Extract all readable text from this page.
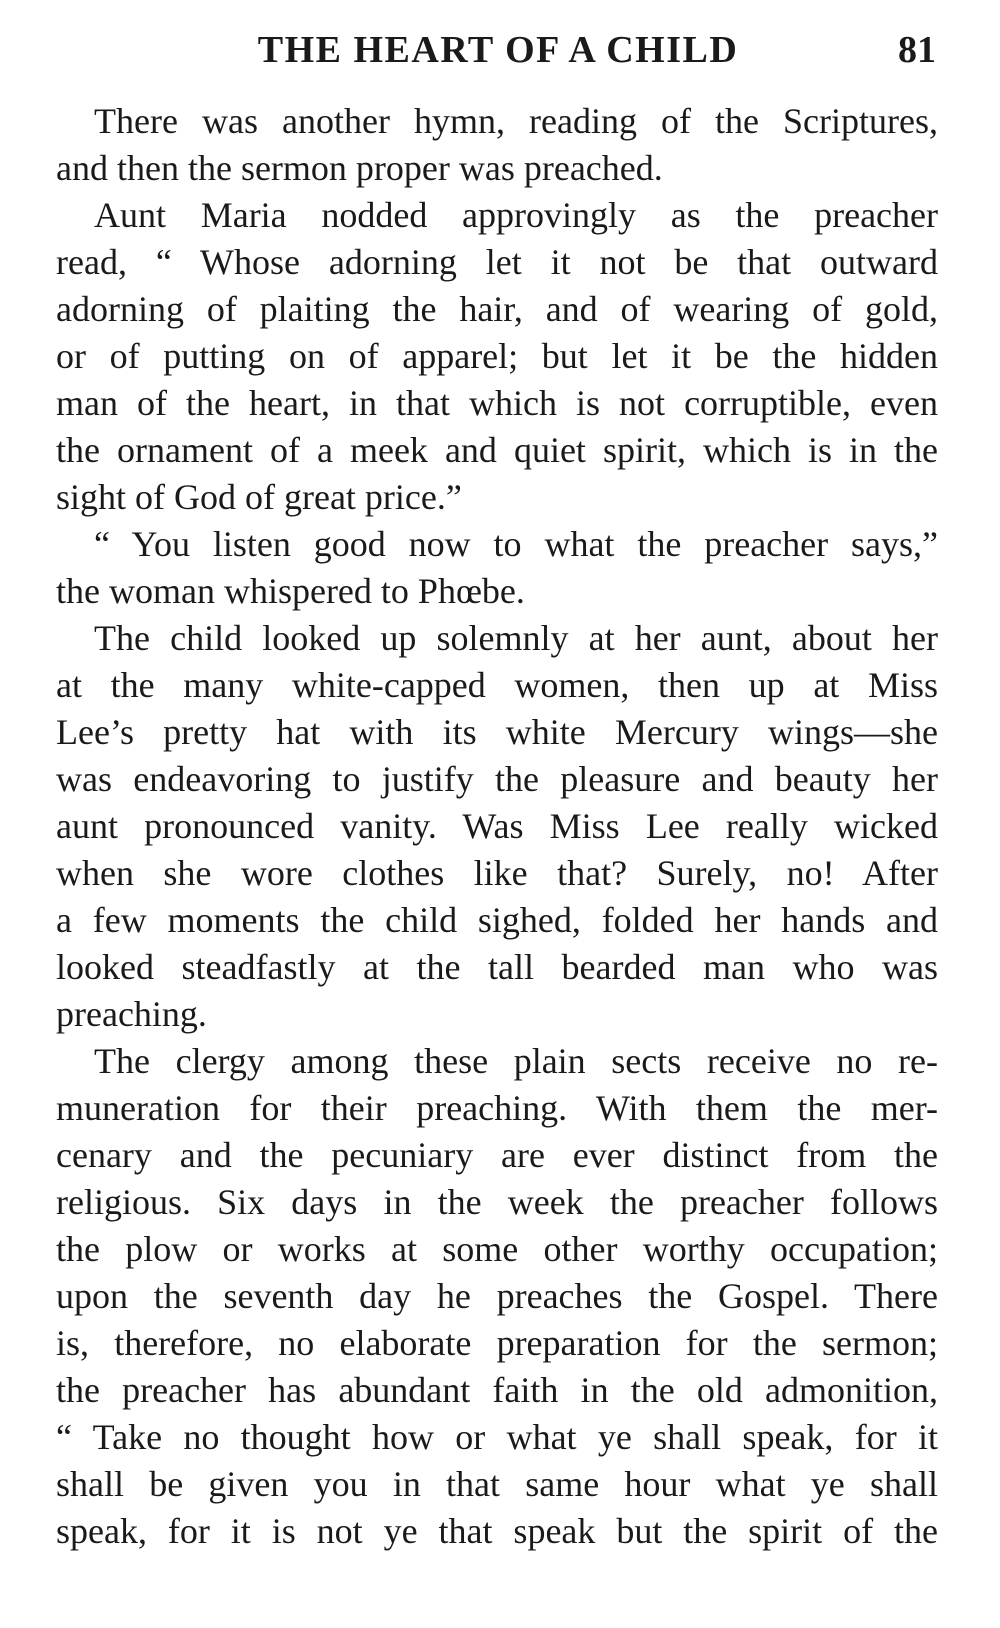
THE HEART OF A CHILD	81

There was another hymn, reading of the Scriptures,
and then the sermon proper was preached.

Aunt Maria nodded approvingly as the preacher
read, “ Whose adorning let it not be that outward
adorning of plaiting the hair, and of wearing of gold,
or of putting on of apparel; but let it be the hidden
man of the heart, in that which is not corruptible, even
the ornament of a meek and quiet spirit, which is in the
sight of God of great price.”

“ You listen good now to what the preacher says,”
the woman whispered to Phœbe.

The child looked up solemnly at her aunt, about her
at the many white-capped women, then up at Miss
Lee’s pretty hat with its white Mercury wings—she
was endeavoring to justify the pleasure and beauty her
aunt pronounced vanity. Was Miss Lee really wicked
when she wore clothes like that? Surely, no! After
a few moments the child sighed, folded her hands and
looked steadfastly at the tall bearded man who was
preaching.

The clergy among these plain sects receive no re-
muneration for their preaching. With them the mer-
cenary and the pecuniary are ever distinct from the
religious. Six days in the week the preacher follows
the plow or works at some other worthy occupation;
upon the seventh day he preaches the Gospel. There
is, therefore, no elaborate preparation for the sermon;
the preacher has abundant faith in the old admonition,
“ Take no thought how or what ye shall speak, for it
shall be given you in that same hour what ye shall
speak, for it is not ye that speak but the spirit of the
